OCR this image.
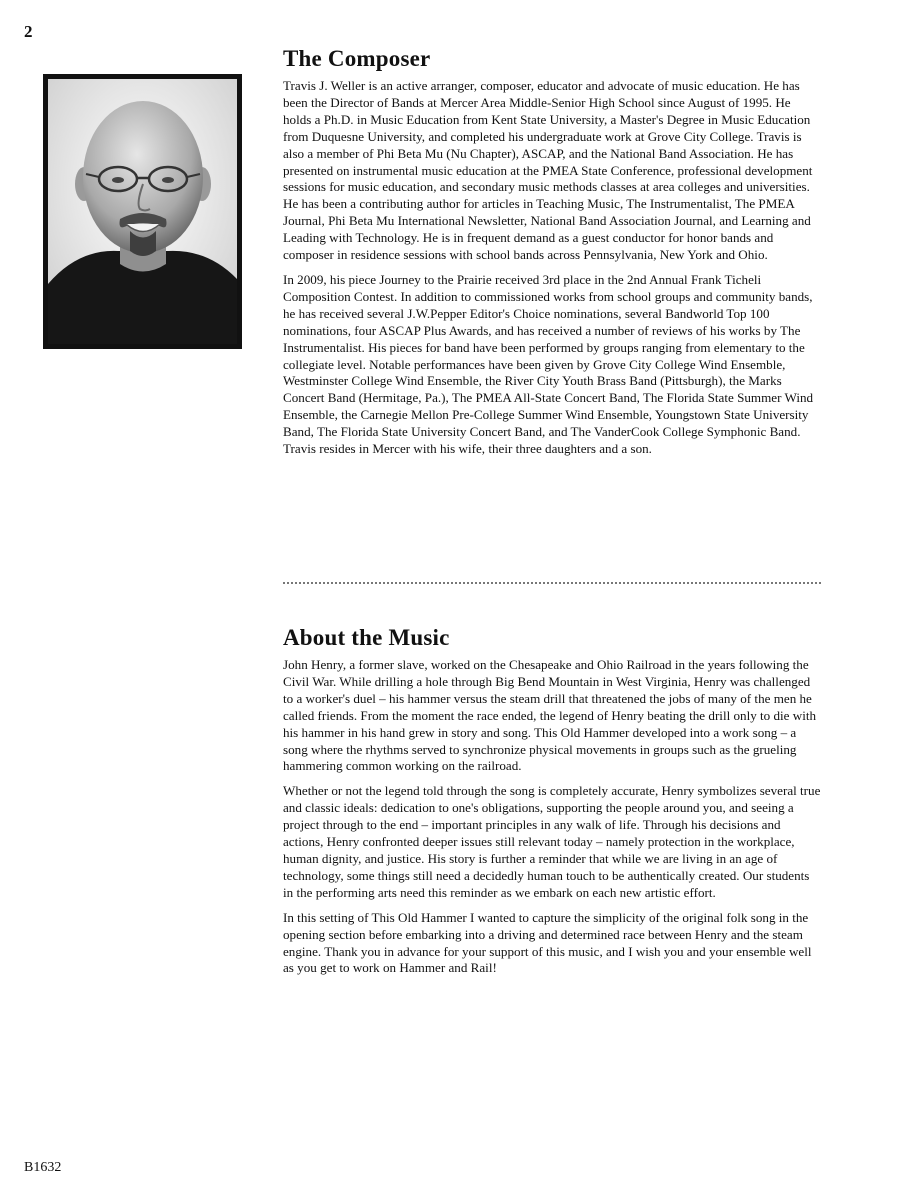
2
The Composer

Travis J. Weller is an active arranger, composer, educator and advocate of music education. He has been the Director of Bands at Mercer Area Middle-Senior High School since August of 1995. He holds a Ph.D. in Music Education from Kent State University, a Master's Degree in Music Education from Duquesne University, and completed his undergraduate work at Grove City College. Travis is also a member of Phi Beta Mu (Nu Chapter), ASCAP, and the National Band Association. He has presented on instrumental music education at the PMEA State Conference, professional development sessions for music education, and secondary music methods classes at area colleges and universities. He has been a contributing author for articles in Teaching Music, The Instrumentalist, The PMEA Journal, Phi Beta Mu International Newsletter, National Band Association Journal, and Learning and Leading with Technology. He is in frequent demand as a guest conductor for honor bands and composer in residence sessions with school bands across Pennsylvania, New York and Ohio.

In 2009, his piece Journey to the Prairie received 3rd place in the 2nd Annual Frank Ticheli Composition Contest. In addition to commissioned works from school groups and community bands, he has received several J.W.Pepper Editor's Choice nominations, several Bandworld Top 100 nominations, four ASCAP Plus Awards, and has received a number of reviews of his works by The Instrumentalist. His pieces for band have been performed by groups ranging from elementary to the collegiate level. Notable performances have been given by Grove City College Wind Ensemble, Westminster College Wind Ensemble, the River City Youth Brass Band (Pittsburgh), the Marks Concert Band (Hermitage, Pa.), The PMEA All-State Concert Band, The Florida State Summer Wind Ensemble, the Carnegie Mellon Pre-College Summer Wind Ensemble, Youngstown State University Band, The Florida State University Concert Band, and The VanderCook College Symphonic Band. Travis resides in Mercer with his wife, their three daughters and a son.

About the Music

John Henry, a former slave, worked on the Chesapeake and Ohio Railroad in the years following the Civil War. While drilling a hole through Big Bend Mountain in West Virginia, Henry was challenged to a worker's duel – his hammer versus the steam drill that threatened the jobs of many of the men he called friends. From the moment the race ended, the legend of Henry beating the drill only to die with his hammer in his hand grew in story and song. This Old Hammer developed into a work song – a song where the rhythms served to synchronize physical movements in groups such as the grueling hammering common working on the railroad.

Whether or not the legend told through the song is completely accurate, Henry symbolizes several true and classic ideals: dedication to one's obligations, supporting the people around you, and seeing a project through to the end – important principles in any walk of life. Through his decisions and actions, Henry confronted deeper issues still relevant today – namely protection in the workplace, human dignity, and justice. His story is further a reminder that while we are living in an age of technology, some things still need a decidedly human touch to be authentically created. Our students in the performing arts need this reminder as we embark on each new artistic effort.

In this setting of This Old Hammer I wanted to capture the simplicity of the original folk song in the opening section before embarking into a driving and determined race between Henry and the steam engine. Thank you in advance for your support of this music, and I wish you and your ensemble well as you get to work on Hammer and Rail!

B1632
